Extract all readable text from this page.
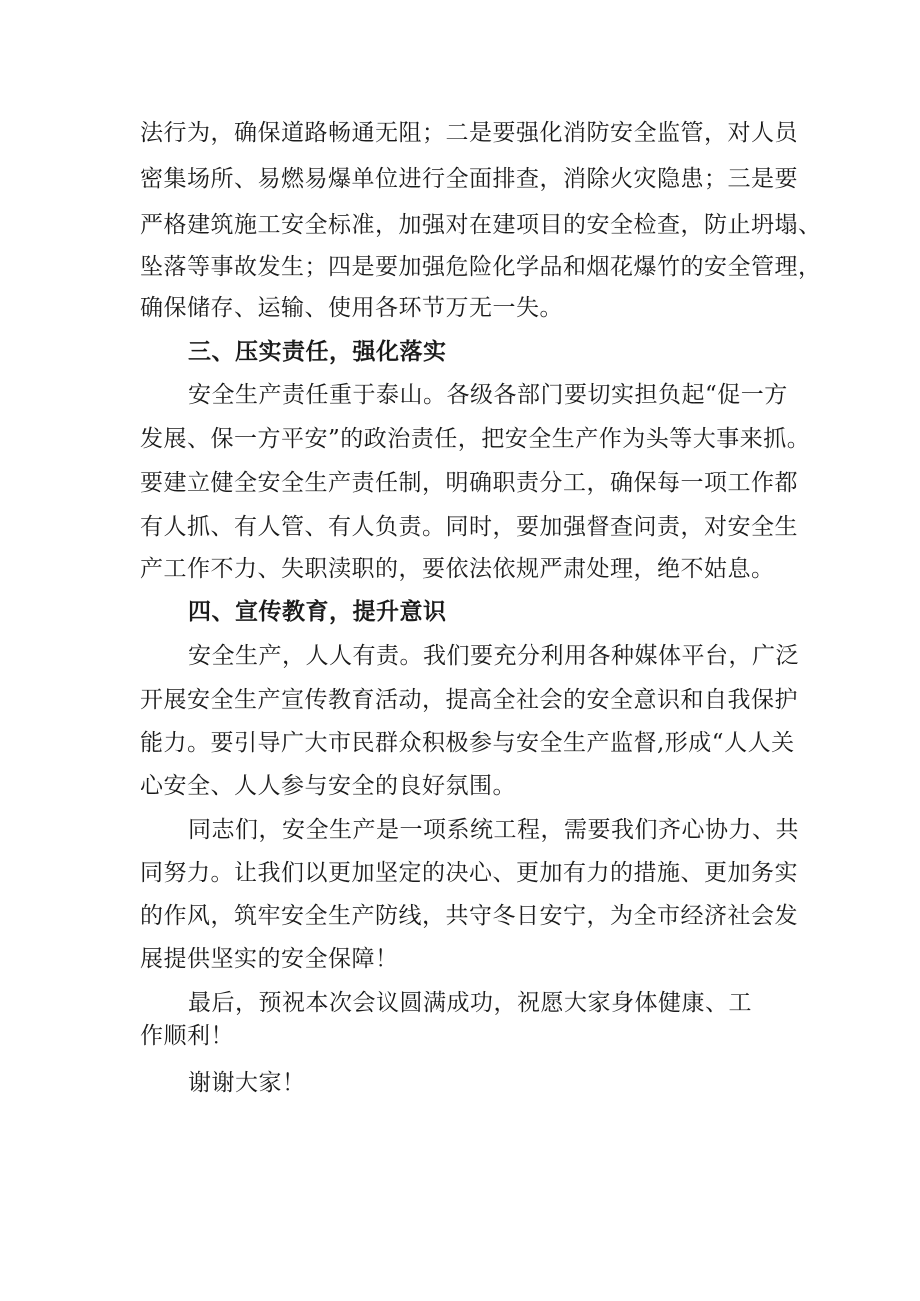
法行为，确保道路畅通无阻；二是要强化消防安全监管，对人员
密集场所、易燃易爆单位进行全面排查，消除火灾隐患；三是要
严格建筑施工安全标准，加强对在建项目的安全检查，防止坍塌、
坠落等事故发生；四是要加强危险化学品和烟花爆竹的安全管理，
确保储存、运输、使用各环节万无一失。
三、压实责任，强化落实
安全生产责任重于泰山。各级各部门要切实担负起“促一方
发展、保一方平安”的政治责任，把安全生产作为头等大事来抓。
要建立健全安全生产责任制，明确职责分工，确保每一项工作都
有人抓、有人管、有人负责。同时，要加强督查问责，对安全生
产工作不力、失职渎职的，要依法依规严肃处理，绝不姑息。
四、宣传教育，提升意识
安全生产，人人有责。我们要充分利用各种媒体平台，广泛
开展安全生产宣传教育活动，提高全社会的安全意识和自我保护
能力。要引导广大市民群众积极参与安全生产监督,形成“人人关
心安全、人人参与安全的良好氛围。
同志们，安全生产是一项系统工程，需要我们齐心协力、共
同努力。让我们以更加坚定的决心、更加有力的措施、更加务实
的作风，筑牢安全生产防线，共守冬日安宁，为全市经济社会发
展提供坚实的安全保障！
最后，预祝本次会议圆满成功，祝愿大家身体健康、工
作顺利！
谢谢大家！
